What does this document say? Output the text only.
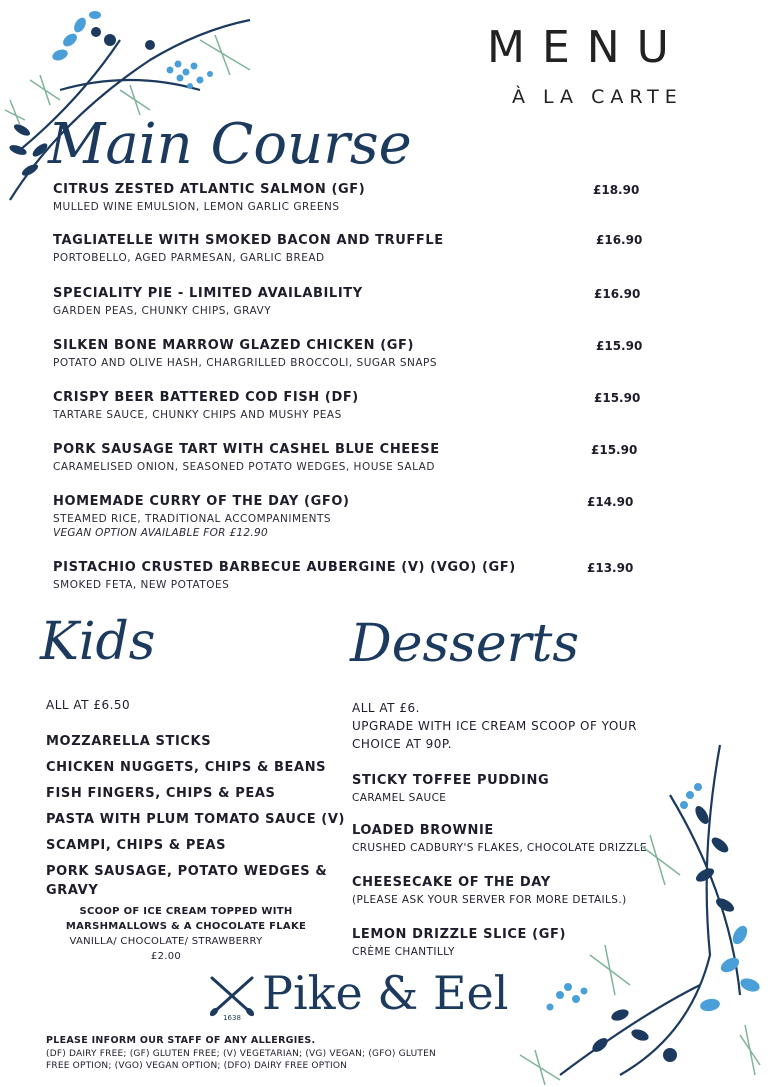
MENU
À LA CARTE
Main Course
CITRUS ZESTED ATLANTIC SALMON (GF)
MULLED WINE EMULSION, LEMON GARLIC GREENS
£18.90
TAGLIATELLE WITH SMOKED BACON AND TRUFFLE
PORTOBELLO, AGED PARMESAN, GARLIC BREAD
£16.90
SPECIALITY PIE - LIMITED AVAILABILITY
GARDEN PEAS, CHUNKY CHIPS, GRAVY
£16.90
SILKEN BONE MARROW GLAZED CHICKEN (GF)
POTATO AND OLIVE HASH, CHARGRILLED BROCCOLI, SUGAR SNAPS
£15.90
CRISPY BEER BATTERED COD FISH (DF)
TARTARE SAUCE, CHUNKY CHIPS AND MUSHY PEAS
£15.90
PORK SAUSAGE TART WITH CASHEL BLUE CHEESE
CARAMELISED ONION, SEASONED POTATO WEDGES, HOUSE SALAD
£15.90
HOMEMADE CURRY OF THE DAY (GFO)
STEAMED RICE, TRADITIONAL ACCOMPANIMENTS
VEGAN OPTION AVAILABLE FOR £12.90
£14.90
PISTACHIO CRUSTED BARBECUE AUBERGINE (V) (VGO) (GF)
SMOKED FETA, NEW POTATOES
£13.90
Kids
ALL AT £6.50
MOZZARELLA STICKS
CHICKEN NUGGETS, CHIPS & BEANS
FISH FINGERS, CHIPS & PEAS
PASTA WITH PLUM TOMATO SAUCE (V)
SCAMPI, CHIPS & PEAS
PORK SAUSAGE, POTATO WEDGES &
GRAVY
SCOOP OF ICE CREAM TOPPED WITH
MARSHMALLOWS & A CHOCOLATE FLAKE
VANILLA/ CHOCOLATE/ STRAWBERRY
£2.00
Desserts
ALL AT £6.
UPGRADE WITH ICE CREAM SCOOP OF YOUR
CHOICE AT 90P.
STICKY TOFFEE PUDDING
CARAMEL SAUCE
LOADED BROWNIE
CRUSHED CADBURY'S FLAKES, CHOCOLATE DRIZZLE
CHEESECAKE OF THE DAY
(PLEASE ASK YOUR SERVER FOR MORE DETAILS.)
LEMON DRIZZLE SLICE (GF)
CRÈME CHANTILLY
1638 Pike & Eel
PLEASE INFORM OUR STAFF OF ANY ALLERGIES.
(DF) DAIRY FREE; (GF) GLUTEN FREE; (V) VEGETARIAN; (VG) VEGAN; (GFO) GLUTEN
FREE OPTION; (VGO) VEGAN OPTION; (DFO) DAIRY FREE OPTION
